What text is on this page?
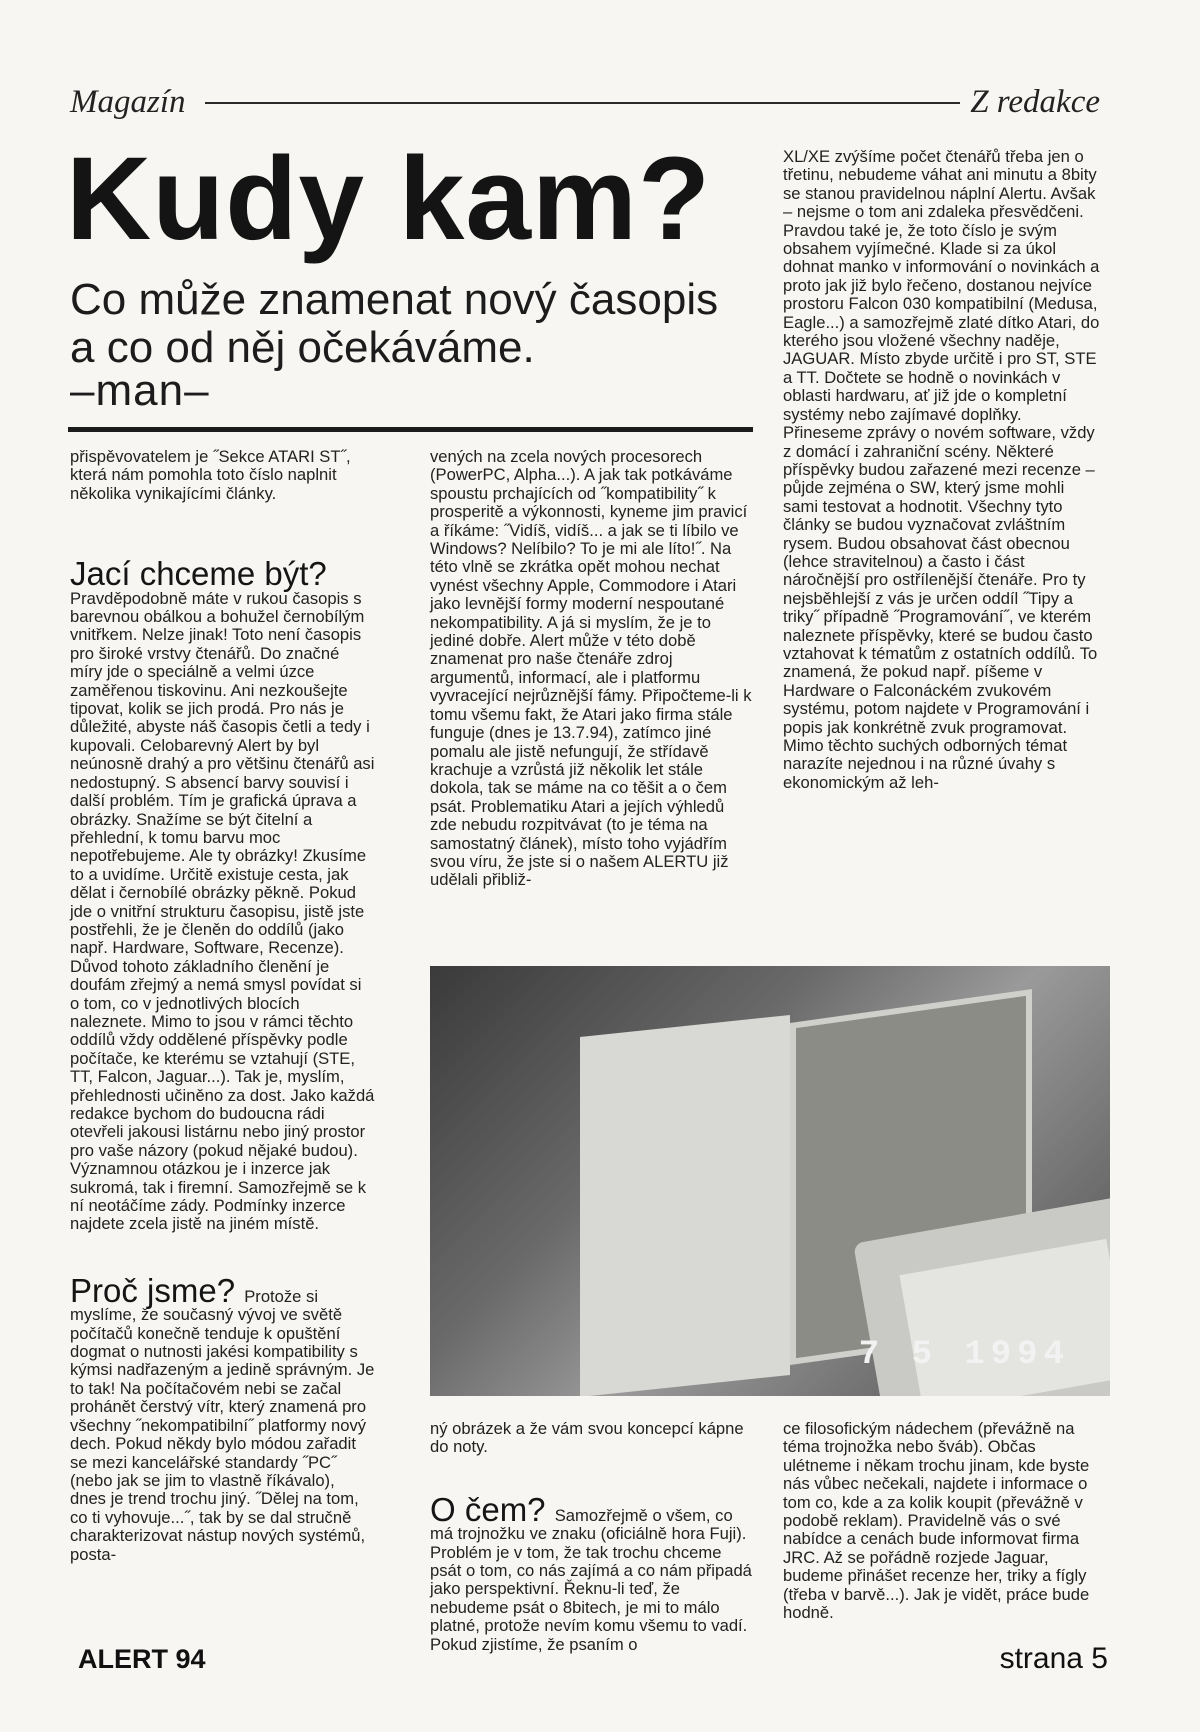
Magazín	Z redakce
Kudy kam?
Co může znamenat nový časopis
a co od něj očekáváme.
–man–

přispěvovatelem je ˝Sekce ATARI ST˝, která nám pomohla toto číslo naplnit několika vynikajícími články.

Jací chceme být? Pravděpodobně máte v rukou časopis s barevnou obálkou a bohužel černobílým vnitřkem. Nelze jinak! Toto není časopis pro široké vrstvy čtenářů. Do značné míry jde o speciálně a velmi úzce zaměřenou tiskovinu. Ani nezkoušejte tipovat, kolik se jich prodá. Pro nás je důležité, abyste náš časopis četli a tedy i kupovali. Celobarevný Alert by byl neúnosně drahý a pro většinu čtenářů asi nedostupný. S absencí barvy souvisí i další problém. Tím je grafická úprava a obrázky. Snažíme se být čitelní a přehlední, k tomu barvu moc nepotřebujeme. Ale ty obrázky! Zkusíme to a uvidíme. Určitě existuje cesta, jak dělat i černobílé obrázky pěkně. Pokud jde o vnitřní strukturu časopisu, jistě jste postřehli, že je členěn do oddílů (jako např. Hardware, Software, Recenze). Důvod tohoto základního členění je doufám zřejmý a nemá smysl povídat si o tom, co v jednotlivých blocích naleznete. Mimo to jsou v rámci těchto oddílů vždy oddělené příspěvky podle počítače, ke kterému se vztahují (STE, TT, Falcon, Jaguar...). Tak je, myslím, přehlednosti učiněno za dost. Jako každá redakce bychom do budoucna rádi otevřeli jakousi listárnu nebo jiný prostor pro vaše názory (pokud nějaké budou). Významnou otázkou je i inzerce jak sukromá, tak i firemní. Samozřejmě se k ní neotáčíme zády. Podmínky inzerce najdete zcela jistě na jiném místě.

Proč jsme? Protože si myslíme, že současný vývoj ve světě počítačů konečně tenduje k opuštění dogmat o nutnosti jakési kompatibility s kýmsi nadřazeným a jedině správným. Je to tak! Na počítačovém nebi se začal prohánět čerstvý vítr, který znamená pro všechny ˝nekompatibilní˝ platformy nový dech. Pokud někdy bylo módou zařadit se mezi kancelářské standardy ˝PC˝ (nebo jak se jim to vlastně říkávalo), dnes je trend trochu jiný. ˝Dělej na tom, co ti vyhovuje...˝, tak by se dal stručně charakterizovat nástup nových systémů, posta-

vených na zcela nových procesorech (PowerPC, Alpha...). A jak tak potkáváme spoustu prchajících od ˝kompatibility˝ k prosperitě a výkonnosti, kyneme jim pravicí a říkáme: ˝Vidíš, vidíš... a jak se ti líbilo ve Windows? Nelíbilo? To je mi ale líto!˝. Na této vlně se zkrátka opět mohou nechat vynést všechny Apple, Commodore i Atari jako levnější formy moderní nespoutané nekompatibility. A já si myslím, že je to jediné dobře. Alert může v této době znamenat pro naše čtenáře zdroj argumentů, informací, ale i platformu vyvracející nejrůznější fámy. Připočteme-li k tomu všemu fakt, že Atari jako firma stále funguje (dnes je 13.7.94), zatímco jiné pomalu ale jistě nefungují, že střídavě krachuje a vzrůstá již několik let stále dokola, tak se máme na co těšit a o čem psát. Problematiku Atari a jejích výhledů zde nebudu rozpitvávat (to je téma na samostatný článek), místo toho vyjádřím svou víru, že jste si o našem ALERTU již udělali přibliž-

XL/XE zvýšíme počet čtenářů třeba jen o třetinu, nebudeme váhat ani minutu a 8bity se stanou pravidelnou náplní Alertu. Avšak – nejsme o tom ani zdaleka přesvědčeni. Pravdou také je, že toto číslo je svým obsahem vyjímečné. Klade si za úkol dohnat manko v informování o novinkách a proto jak již bylo řečeno, dostanou nejvíce prostoru Falcon 030 kompatibilní (Medusa, Eagle...) a samozřejmě zlaté dítko Atari, do kterého jsou vložené všechny naděje, JAGUAR. Místo zbyde určitě i pro ST, STE a TT. Dočtete se hodně o novinkách v oblasti hardwaru, ať již jde o kompletní systémy nebo zajímavé doplňky. Přineseme zprávy o novém software, vždy z domácí i zahraniční scény. Některé příspěvky budou zařazené mezi recenze – půjde zejména o SW, který jsme mohli sami testovat a hodnotit. Všechny tyto články se budou vyznačovat zvláštním rysem. Budou obsahovat část obecnou (lehce stravitelnou) a často i část náročnější pro ostřílenější čtenáře. Pro ty nejsběhlejší z vás je určen oddíl ˝Tipy a triky˝ případně ˝Programování˝, ve kterém naleznete příspěvky, které se budou často vztahovat k tématům z ostatních oddílů. To znamená, že pokud např. píšeme v Hardware o Falconáckém zvukovém systému, potom najdete v Programování i popis jak konkrétně zvuk programovat. Mimo těchto suchých odborných témat narazíte nejednou i na různé úvahy s ekonomickým až leh-

7 5 1994

ný obrázek a že vám svou koncepcí kápne do noty.

O čem? Samozřejmě o všem, co má trojnožku ve znaku (oficiálně hora Fuji). Problém je v tom, že tak trochu chceme psát o tom, co nás zajímá a co nám připadá jako perspektivní. Řeknu-li teď, že nebudeme psát o 8bitech, je mi to málo platné, protože nevím komu všemu to vadí. Pokud zjistíme, že psaním o

ce filosofickým nádechem (převážně na téma trojnožka nebo šváb). Občas ulétneme i někam trochu jinam, kde byste nás vůbec nečekali, najdete i informace o tom co, kde a za kolik koupit (převážně v podobě reklam). Pravidelně vás o své nabídce a cenách bude informovat firma JRC. Až se pořádně rozjede Jaguar, budeme přinášet recenze her, triky a fígly (třeba v barvě...). Jak je vidět, práce bude hodně.

ALERT 94	strana 5
